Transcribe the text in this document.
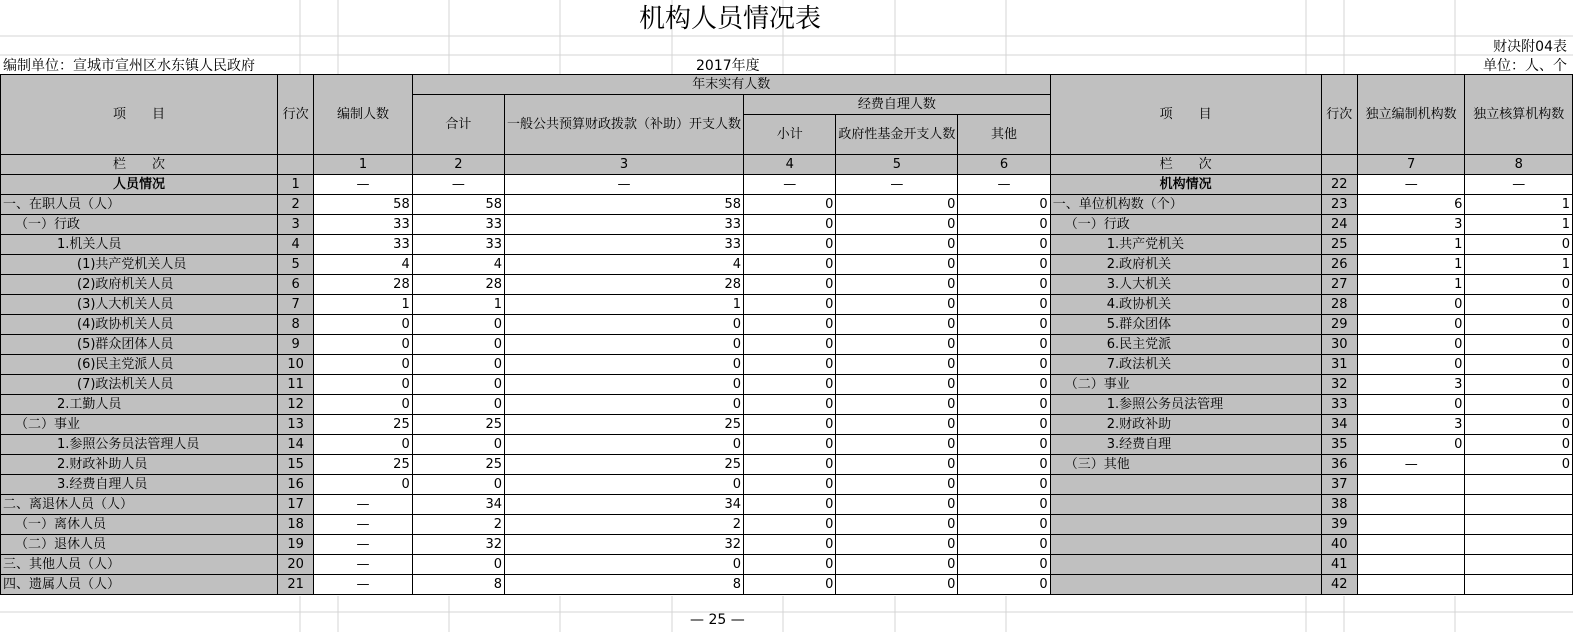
机构人员情况表
财决附04表
编制单位：宣城市宣州区水东镇人民政府	2017年度	单位：人、个
项　　目	行次	编制人数	年末实有人数					项　　目	行次	独立编制机构数	独立核算机构数
			合计	一般公共预算财政拨款（补助）开支人数	经费自理人数						
					小计	政府性基金开支人数	其他				
栏　　次		1	2	3	4	5	6	栏　　次		7	8
人员情况	1	—	—	—	—	—	—	机构情况	22	—	—
一、在职人员（人）	2	58	58	58	0	0	0	一、单位机构数（个）	23	6	1
（一）行政	3	33	33	33	0	0	0	（一）行政	24	3	1
1.机关人员	4	33	33	33	0	0	0	1.共产党机关	25	1	0
(1)共产党机关人员	5	4	4	4	0	0	0	2.政府机关	26	1	1
(2)政府机关人员	6	28	28	28	0	0	0	3.人大机关	27	1	0
(3)人大机关人员	7	1	1	1	0	0	0	4.政协机关	28	0	0
(4)政协机关人员	8	0	0	0	0	0	0	5.群众团体	29	0	0
(5)群众团体人员	9	0	0	0	0	0	0	6.民主党派	30	0	0
(6)民主党派人员	10	0	0	0	0	0	0	7.政法机关	31	0	0
(7)政法机关人员	11	0	0	0	0	0	0	（二）事业	32	3	0
2.工勤人员	12	0	0	0	0	0	0	1.参照公务员法管理	33	0	0
（二）事业	13	25	25	25	0	0	0	2.财政补助	34	3	0
1.参照公务员法管理人员	14	0	0	0	0	0	0	3.经费自理	35	0	0
2.财政补助人员	15	25	25	25	0	0	0	（三）其他	36	—	0
3.经费自理人员	16	0	0	0	0	0	0		37		
二、离退休人员（人）	17	—	34	34	0	0	0		38		
（一）离休人员	18	—	2	2	0	0	0		39		
（二）退休人员	19	—	32	32	0	0	0		40		
三、其他人员（人）	20	—	0	0	0	0	0		41		
四、遗属人员（人）	21	—	8	8	0	0	0		42		
— 25 —
